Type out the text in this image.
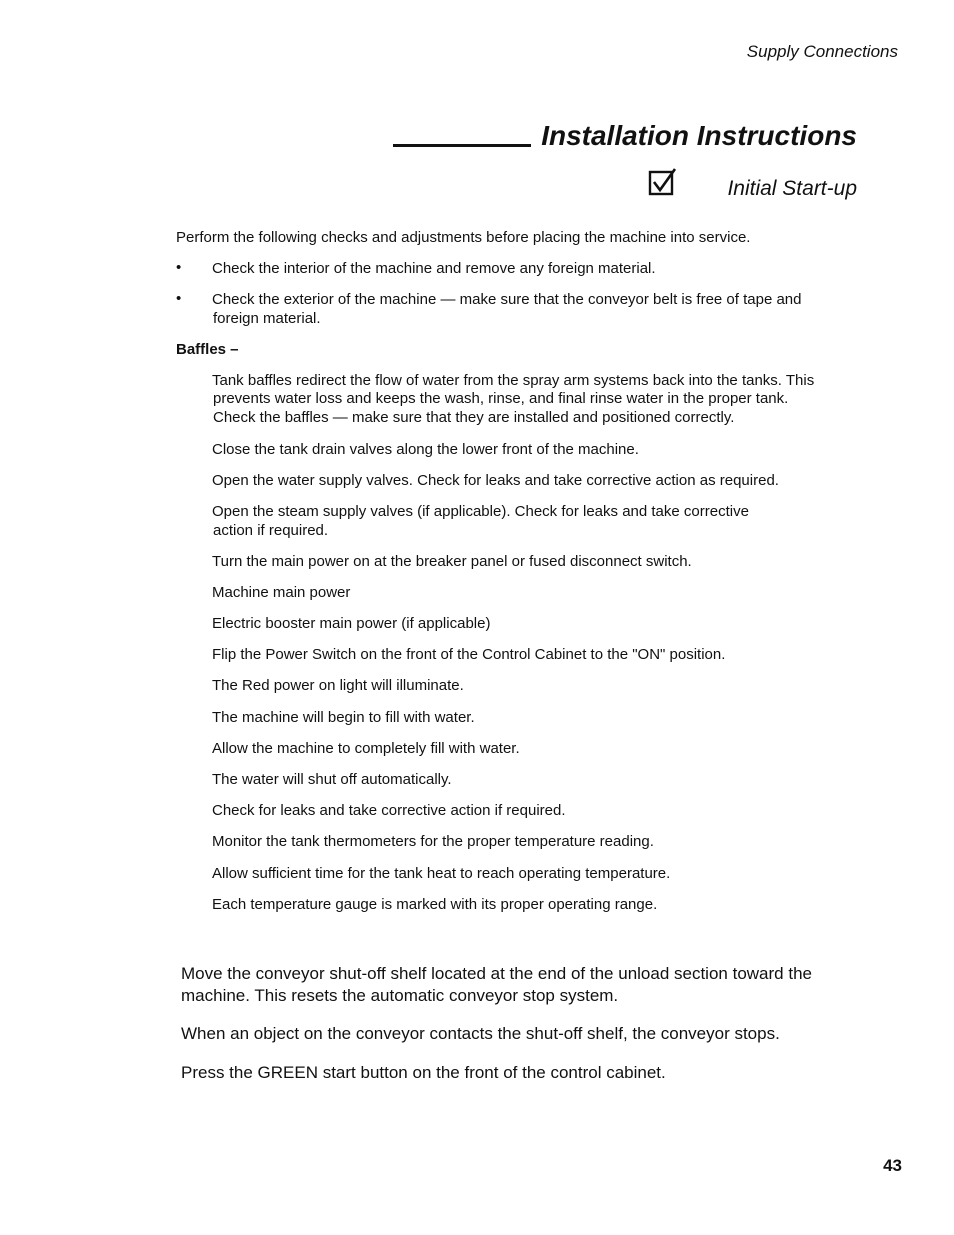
Supply Connections
Installation Instructions
Initial Start-up
Perform the following checks and adjustments before placing the machine into service.
• Check the interior of the machine and remove any foreign material.
• Check the exterior of the machine — make sure that the conveyor belt is free of tape and
foreign material.
Baffles –
Tank baffles redirect the flow of water from the spray arm systems back into the tanks. This
prevents water loss and keeps the wash, rinse, and final rinse water in the proper tank.
Check the baffles — make sure that they are installed and positioned correctly.
Close the tank drain valves along the lower front of the machine.
Open the water supply valves. Check for leaks and take corrective action as required.
Open the steam supply valves (if applicable). Check for leaks and take corrective
action if required.
Turn the main power on at the breaker panel or fused disconnect switch.
Machine main power
Electric booster main power (if applicable)
Flip the Power Switch on the front of the Control Cabinet to the "ON" position.
The Red power on light will illuminate.
The machine will begin to fill with water.
Allow the machine to completely fill with water.
The water will shut off automatically.
Check for leaks and take corrective action if required.
Monitor the tank thermometers for the proper temperature reading.
Allow sufficient time for the tank heat to reach operating temperature.
Each temperature gauge is marked with its proper operating range.
Move the conveyor shut-off shelf located at the end of the unload section toward the
machine. This resets the automatic conveyor stop system.
When an object on the conveyor contacts the shut-off shelf, the conveyor stops.
Press the GREEN start button on the front of the control cabinet.
43
